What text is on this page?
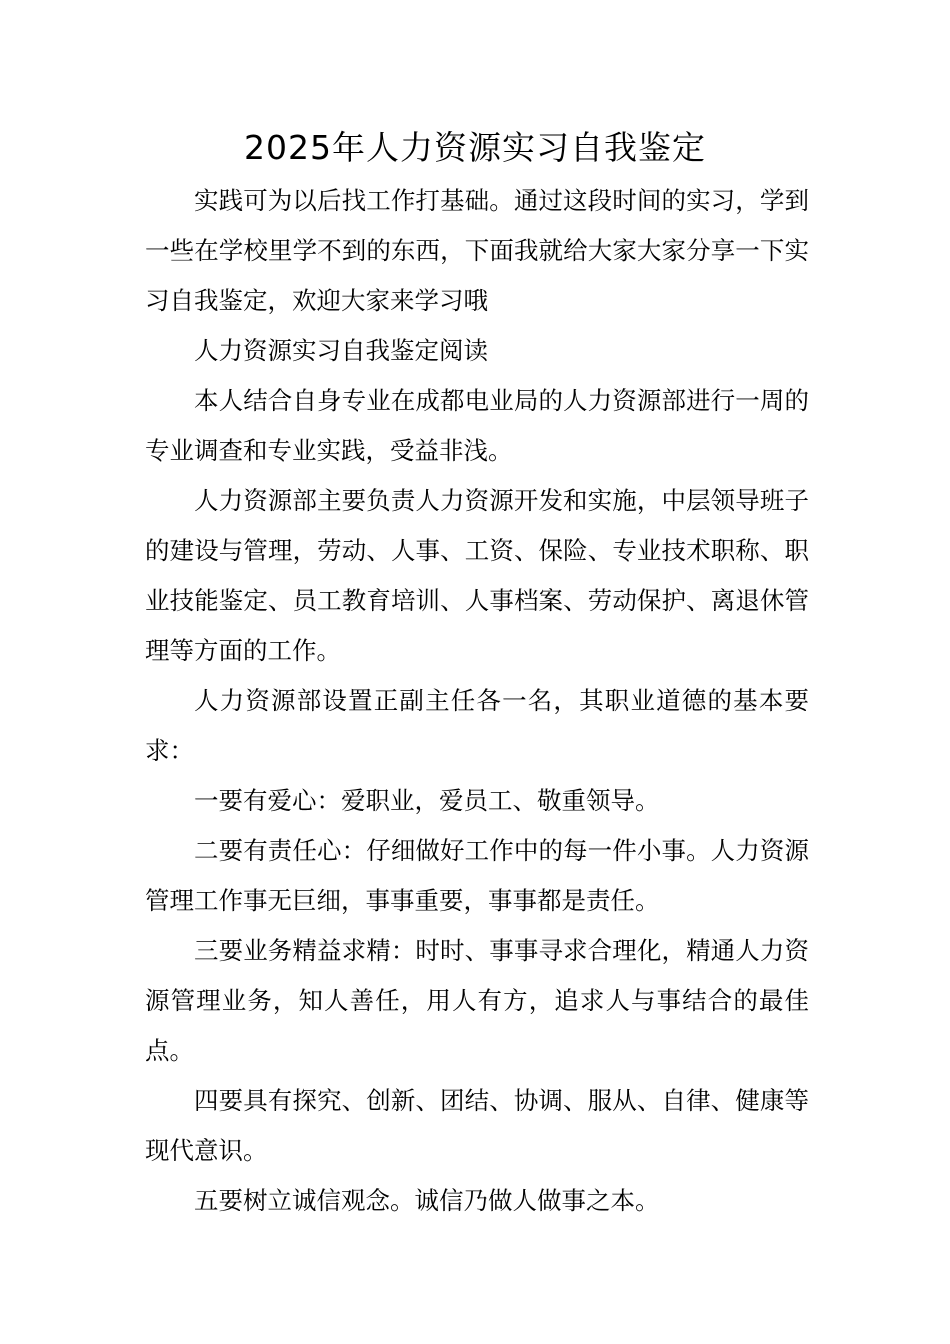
2025年人力资源实习自我鉴定

实践可为以后找工作打基础。通过这段时间的实习，学到一些在学校里学不到的东西，下面我就给大家大家分享一下实习自我鉴定，欢迎大家来学习哦

人力资源实习自我鉴定阅读

本人结合自身专业在成都电业局的人力资源部进行一周的专业调查和专业实践，受益非浅。

人力资源部主要负责人力资源开发和实施，中层领导班子的建设与管理，劳动、人事、工资、保险、专业技术职称、职业技能鉴定、员工教育培训、人事档案、劳动保护、离退休管理等方面的工作。

人力资源部设置正副主任各一名，其职业道德的基本要求：

一要有爱心：爱职业，爱员工、敬重领导。

二要有责任心：仔细做好工作中的每一件小事。人力资源管理工作事无巨细，事事重要，事事都是责任。

三要业务精益求精：时时、事事寻求合理化，精通人力资源管理业务，知人善任，用人有方，追求人与事结合的最佳点。

四要具有探究、创新、团结、协调、服从、自律、健康等现代意识。

五要树立诚信观念。诚信乃做人做事之本。
